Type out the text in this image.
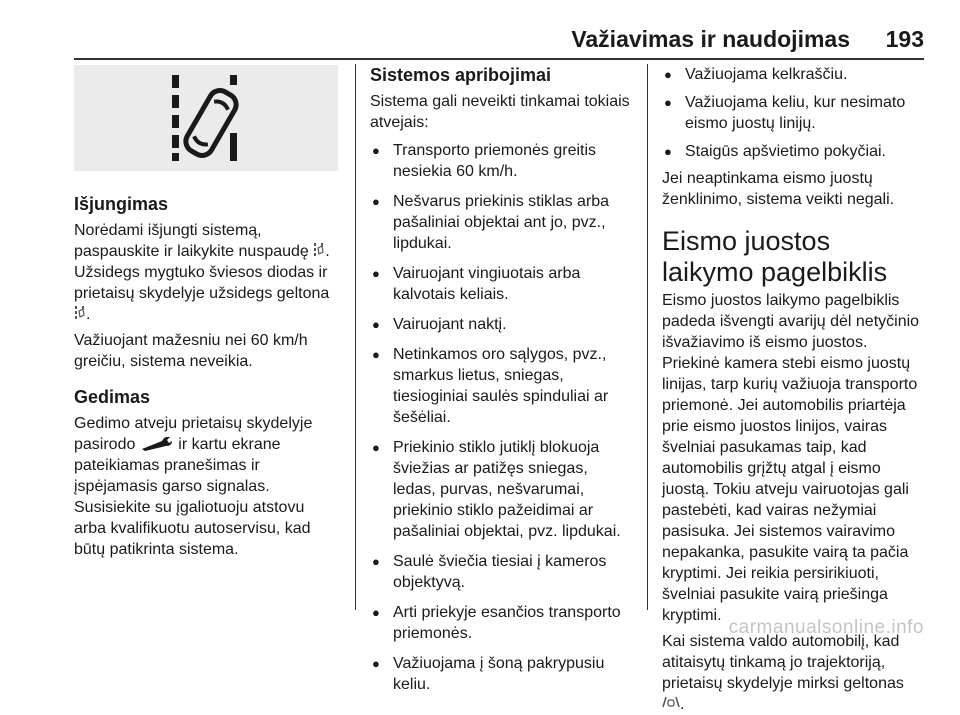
Važiavimas ir naudojimas 193
Išjungimas

Norėdami išjungti sistemą, paspauskite ir laikykite nuspaudę .

Užsidegs mygtuko šviesos diodas ir prietaisų skydelyje užsidegs geltona .

Važiuojant mažesniu nei 60 km/h greičiu, sistema neveikia.

Gedimas

Gedimo atveju prietaisų skydelyje pasirodo	ir kartu ekrane pateikiamas pranešimas ir įspėjamasis garso signalas.

Susisiekite su įgaliotuoju atstovu arba kvalifikuotu autoservisu, kad būtų patikrinta sistema.

Sistemos apribojimai

Sistema gali neveikti tinkamai tokiais atvejais:

● Transporto priemonės greitis nesiekia 60 km/h.
● Nešvarus priekinis stiklas arba pašaliniai objektai ant jo, pvz., lipdukai.
● Vairuojant vingiuotais arba kalvotais keliais.
● Vairuojant naktį.
● Netinkamos oro sąlygos, pvz., smarkus lietus, sniegas, tiesioginiai saulės spinduliai ar šešėliai.
● Priekinio stiklo jutiklį blokuoja šviežias ar patižęs sniegas, ledas, purvas, nešvarumai, priekinio stiklo pažeidimai ar pašaliniai objektai, pvz. lipdukai.
● Saulė šviečia tiesiai į kameros objektyvą.
● Arti priekyje esančios transporto priemonės.
● Važiuojama į šoną pakrypusiu keliu.
● Važiuojama kelkraščiu.
● Važiuojama keliu, kur nesimato eismo juostų linijų.
● Staigūs apšvietimo pokyčiai.

Jei neaptinkama eismo juostų ženklinimo, sistema veikti negali.

Eismo juostos laikymo pagelbiklis

Eismo juostos laikymo pagelbiklis padeda išvengti avarijų dėl netyčinio išvažiavimo iš eismo juostos. Priekinė kamera stebi eismo juostų linijas, tarp kurių važiuoja transporto priemonė. Jei automobilis priartėja prie eismo juostos linijos, vairas švelniai pasukamas taip, kad automobilis grįžtų atgal į eismo juostą. Tokiu atveju vairuotojas gali pastebėti, kad vairas nežymiai pasisuka. Jei sistemos vairavimo nepakanka, pasukite vairą ta pačia kryptimi. Jei reikia persirikiuoti, švelniai pasukite vairą priešinga kryptimi.

Kai sistema valdo automobilį, kad atitaisytų tinkamą jo trajektoriją, prietaisų skydelyje mirksi geltonas .

carmanualsonline.info
